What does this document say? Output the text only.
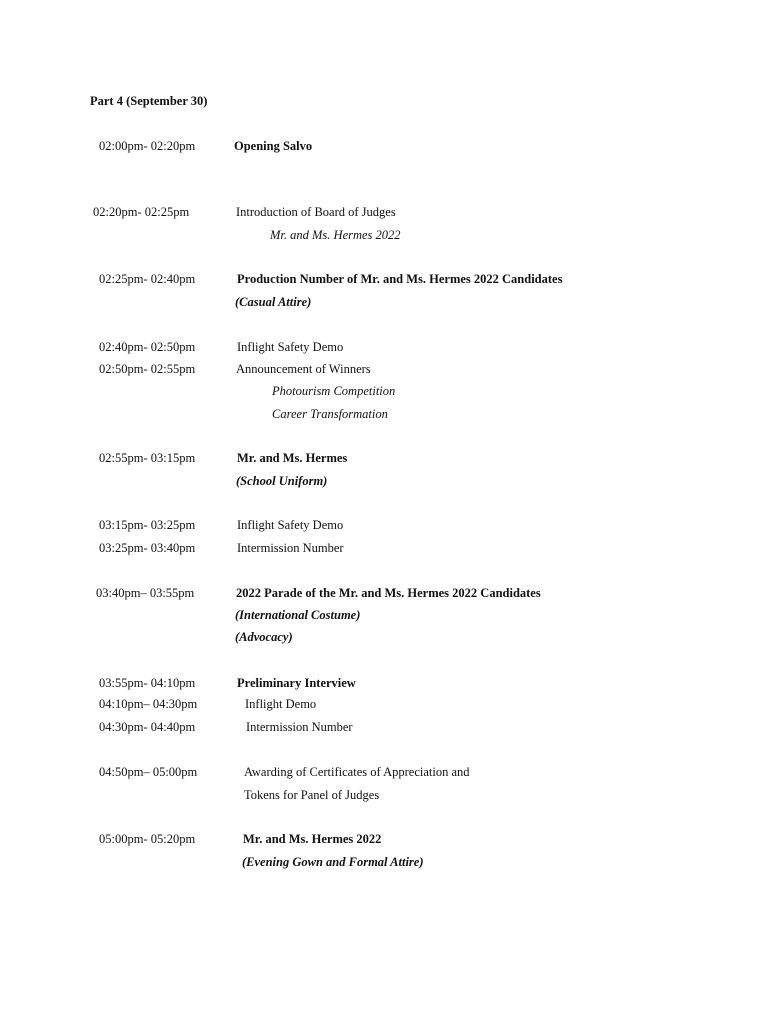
Part 4 (September 30)
02:00pm- 02:20pm	Opening Salvo
02:20pm- 02:25pm	Introduction of Board of Judges
Mr. and Ms. Hermes 2022
02:25pm- 02:40pm	Production Number of Mr. and Ms. Hermes 2022 Candidates
(Casual Attire)
02:40pm- 02:50pm	Inflight Safety Demo
02:50pm- 02:55pm	Announcement of Winners
Photourism Competition
Career Transformation
02:55pm- 03:15pm	Mr. and Ms. Hermes
(School Uniform)
03:15pm- 03:25pm	Inflight Safety Demo
03:25pm- 03:40pm	Intermission Number
03:40pm– 03:55pm	2022 Parade of the Mr. and Ms. Hermes 2022 Candidates
(International Costume)
(Advocacy)
03:55pm- 04:10pm	Preliminary Interview
04:10pm– 04:30pm	Inflight Demo
04:30pm- 04:40pm	Intermission Number
04:50pm– 05:00pm	Awarding of Certificates of Appreciation and
Tokens for Panel of Judges
05:00pm- 05:20pm	Mr. and Ms. Hermes 2022
(Evening Gown and Formal Attire)
